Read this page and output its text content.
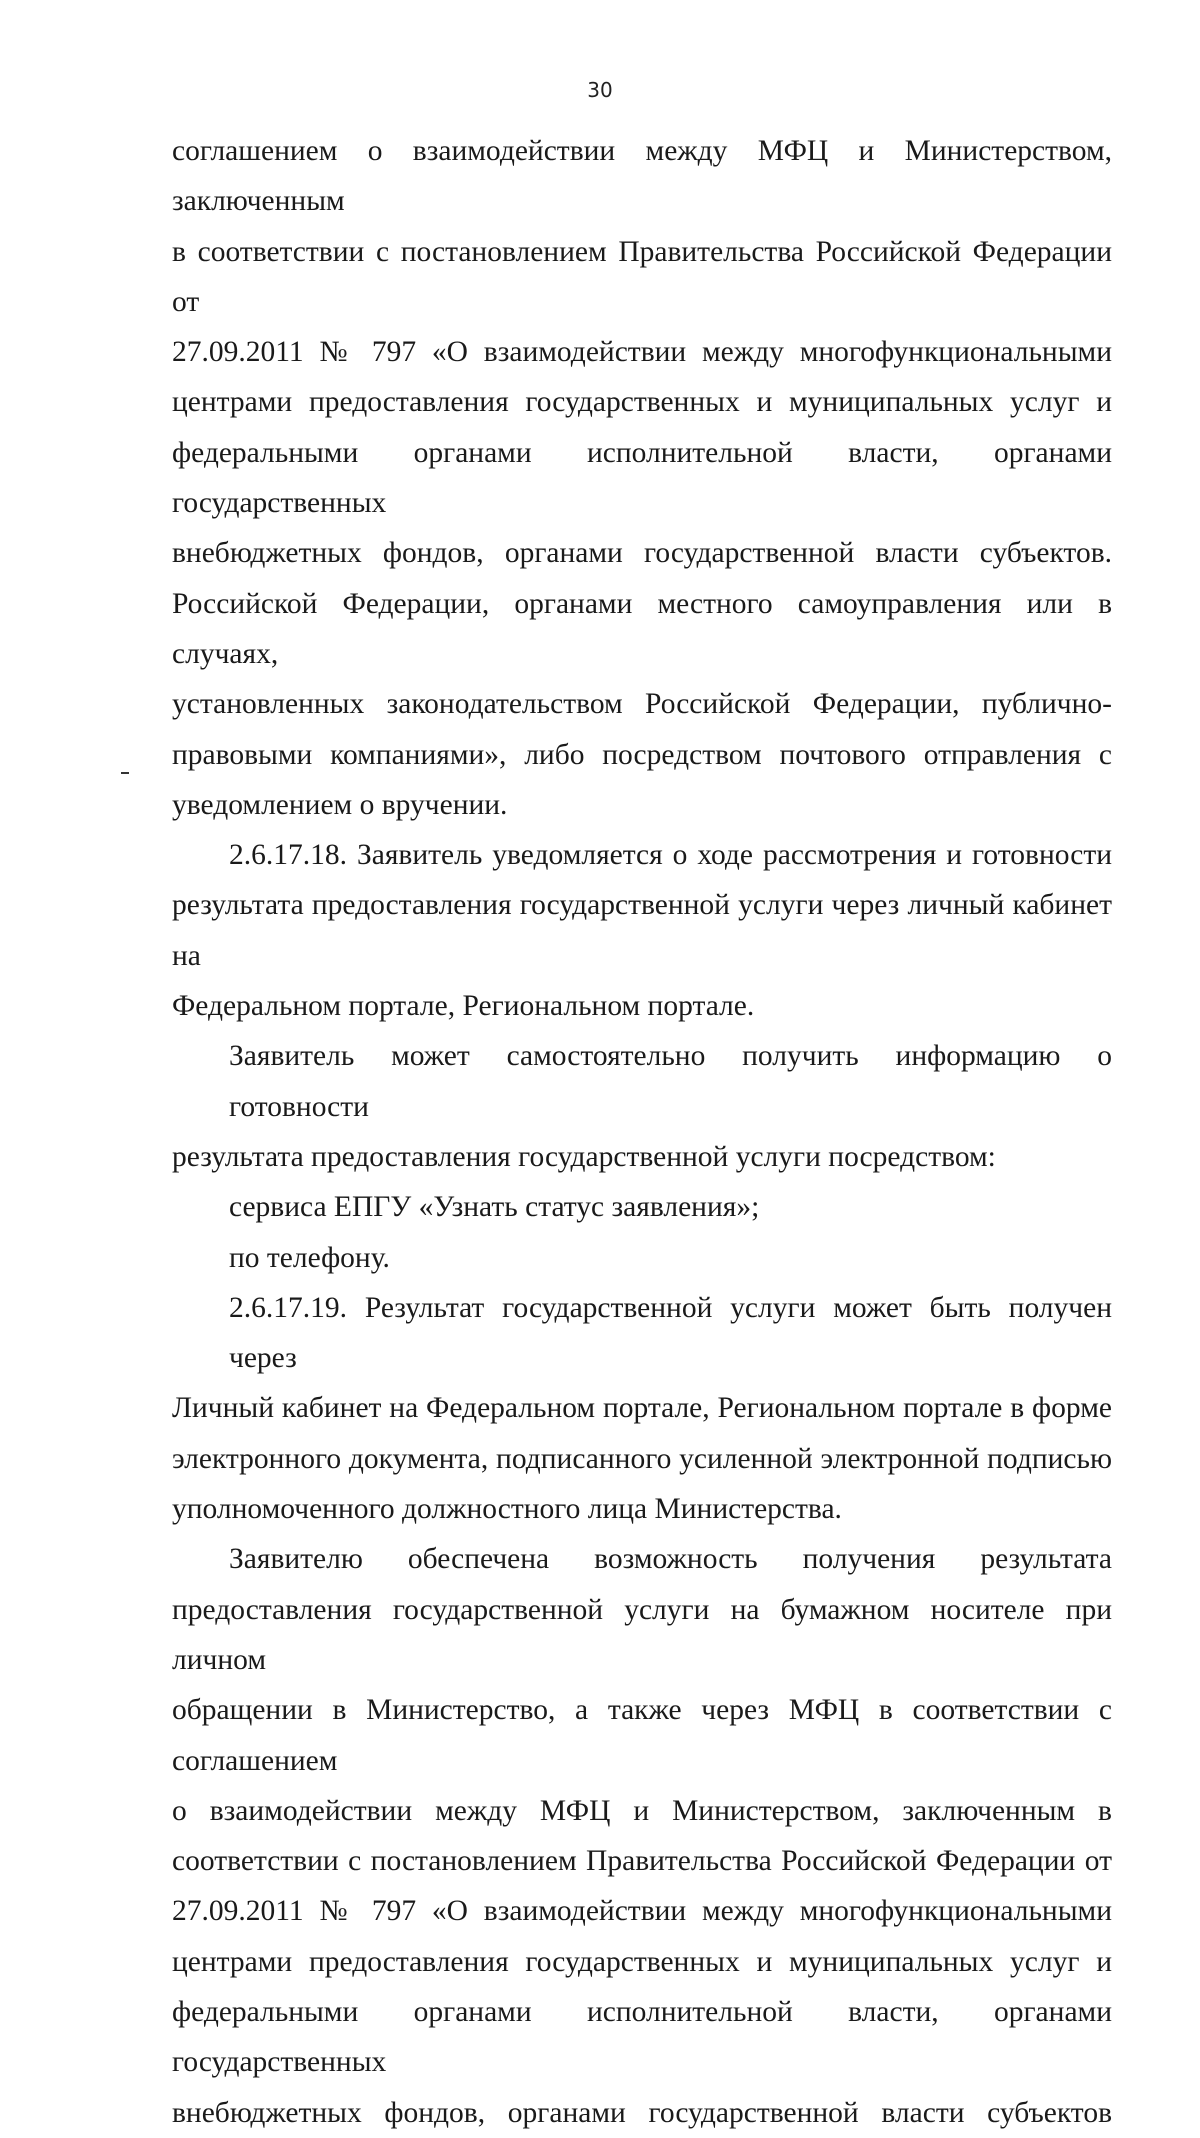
30

соглашением о взаимодействии между МФЦ и Министерством, заключенным
в соответствии с постановлением Правительства Российской Федерации от
27.09.2011 № 797 «О взаимодействии между многофункциональными
центрами предоставления государственных и муниципальных услуг и
федеральными органами исполнительной власти, органами государственных
внебюджетных фондов, органами государственной власти субъектов.
Российской Федерации, органами местного самоуправления или в случаях,
установленных законодательством Российской Федерации, публично-
правовыми компаниями», либо посредством почтового отправления с
уведомлением о вручении.

2.6.17.18. Заявитель уведомляется о ходе рассмотрения и готовности
результата предоставления государственной услуги через личный кабинет на
Федеральном портале, Региональном портале.

Заявитель может самостоятельно получить информацию о готовности
результата предоставления государственной услуги посредством:

сервиса ЕПГУ «Узнать статус заявления»;

по телефону.

2.6.17.19. Результат государственной услуги может быть получен через
Личный кабинет на Федеральном портале, Региональном портале в форме
электронного документа, подписанного усиленной электронной подписью
уполномоченного должностного лица Министерства.

Заявителю обеспечена возможность получения результата
предоставления государственной услуги на бумажном носителе при личном
обращении в Министерство, а также через МФЦ в соответствии с соглашением
о взаимодействии между МФЦ и Министерством, заключенным в
соответствии с постановлением Правительства Российской Федерации от
27.09.2011 № 797 «О взаимодействии между многофункциональными
центрами предоставления государственных и муниципальных услуг и
федеральными органами исполнительной власти, органами государственных
внебюджетных фондов, органами государственной власти субъектов
